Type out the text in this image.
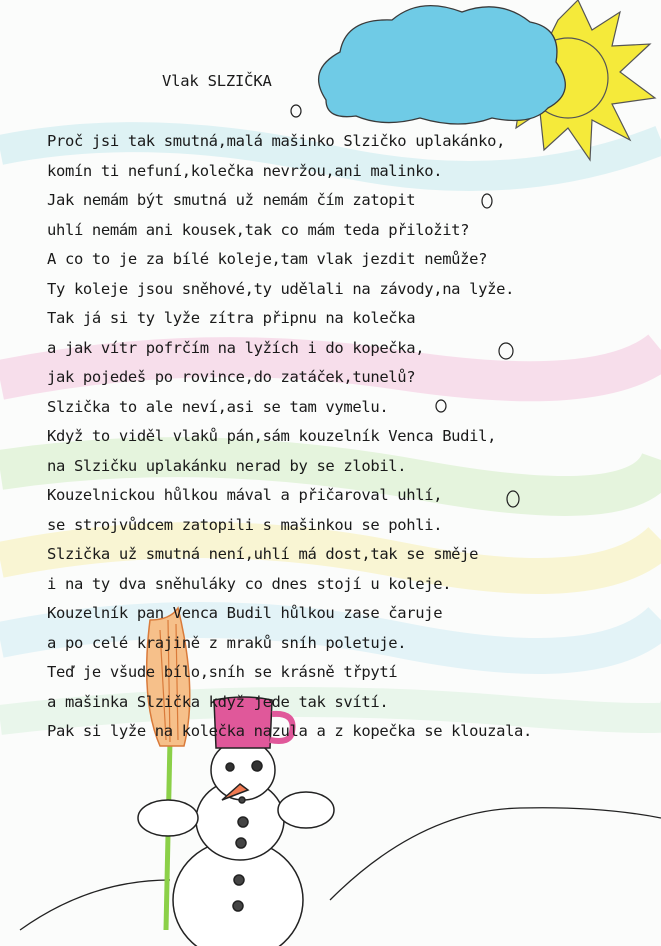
Vlak SLZIČKA
Proč jsi tak smutná,malá mašinko Slzičko uplakánko,
komín ti nefuní,kolečka nevržou,ani malinko.
Jak nemám být smutná už nemám čím zatopit
uhlí nemám ani kousek,tak co mám teda přiložit?
A co to je za bílé koleje,tam vlak jezdit nemůže?
Ty koleje jsou sněhové,ty udělali na závody,na lyže.
Tak já si ty lyže zítra připnu na kolečka
a jak vítr pofrčím na lyžích i do kopečka,
jak pojedeš po rovince,do zatáček,tunelů?
Slzička to ale neví,asi se tam vymelu.
Když to viděl vlaků pán,sám kouzelník Venca Budil,
na Slzičku uplakánku nerad by se zlobil.
Kouzelnickou hůlkou mával a přičaroval uhlí,
se strojvůdcem zatopili s mašinkou se pohli.
Slzička už smutná není,uhlí má dost,tak se směje
i na ty dva sněhuláky co dnes stojí u koleje.
Kouzelník pan Venca Budil hůlkou zase čaruje
a po celé krajině z mraků sníh poletuje.
Teď je všude bílo,sníh se krásně třpytí
a mašinka Slzička když jede tak svítí.
Pak si lyže na kolečka nazula a z kopečka se klouzala.
